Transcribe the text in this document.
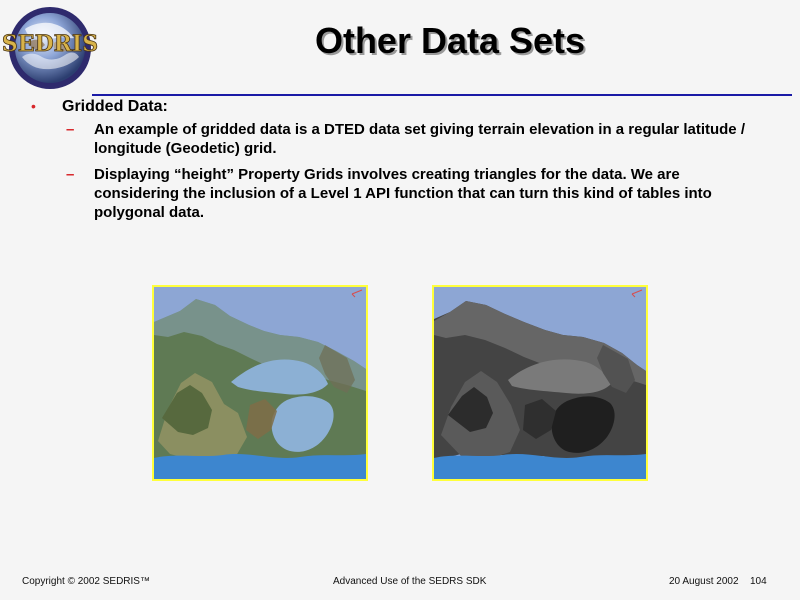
SEDRIS	Other Data Sets
•	Gridded Data:
–	An example of gridded data is a DTED data set giving terrain elevation in a regular latitude / longitude (Geodetic) grid.
–	Displaying “height” Property Grids involves creating triangles for the data. We are considering the inclusion of a Level 1 API function that can turn this kind of tables into polygonal data.
Copyright © 2002 SEDRIS™	Advanced Use of the SEDRS SDK	20 August 2002 104
